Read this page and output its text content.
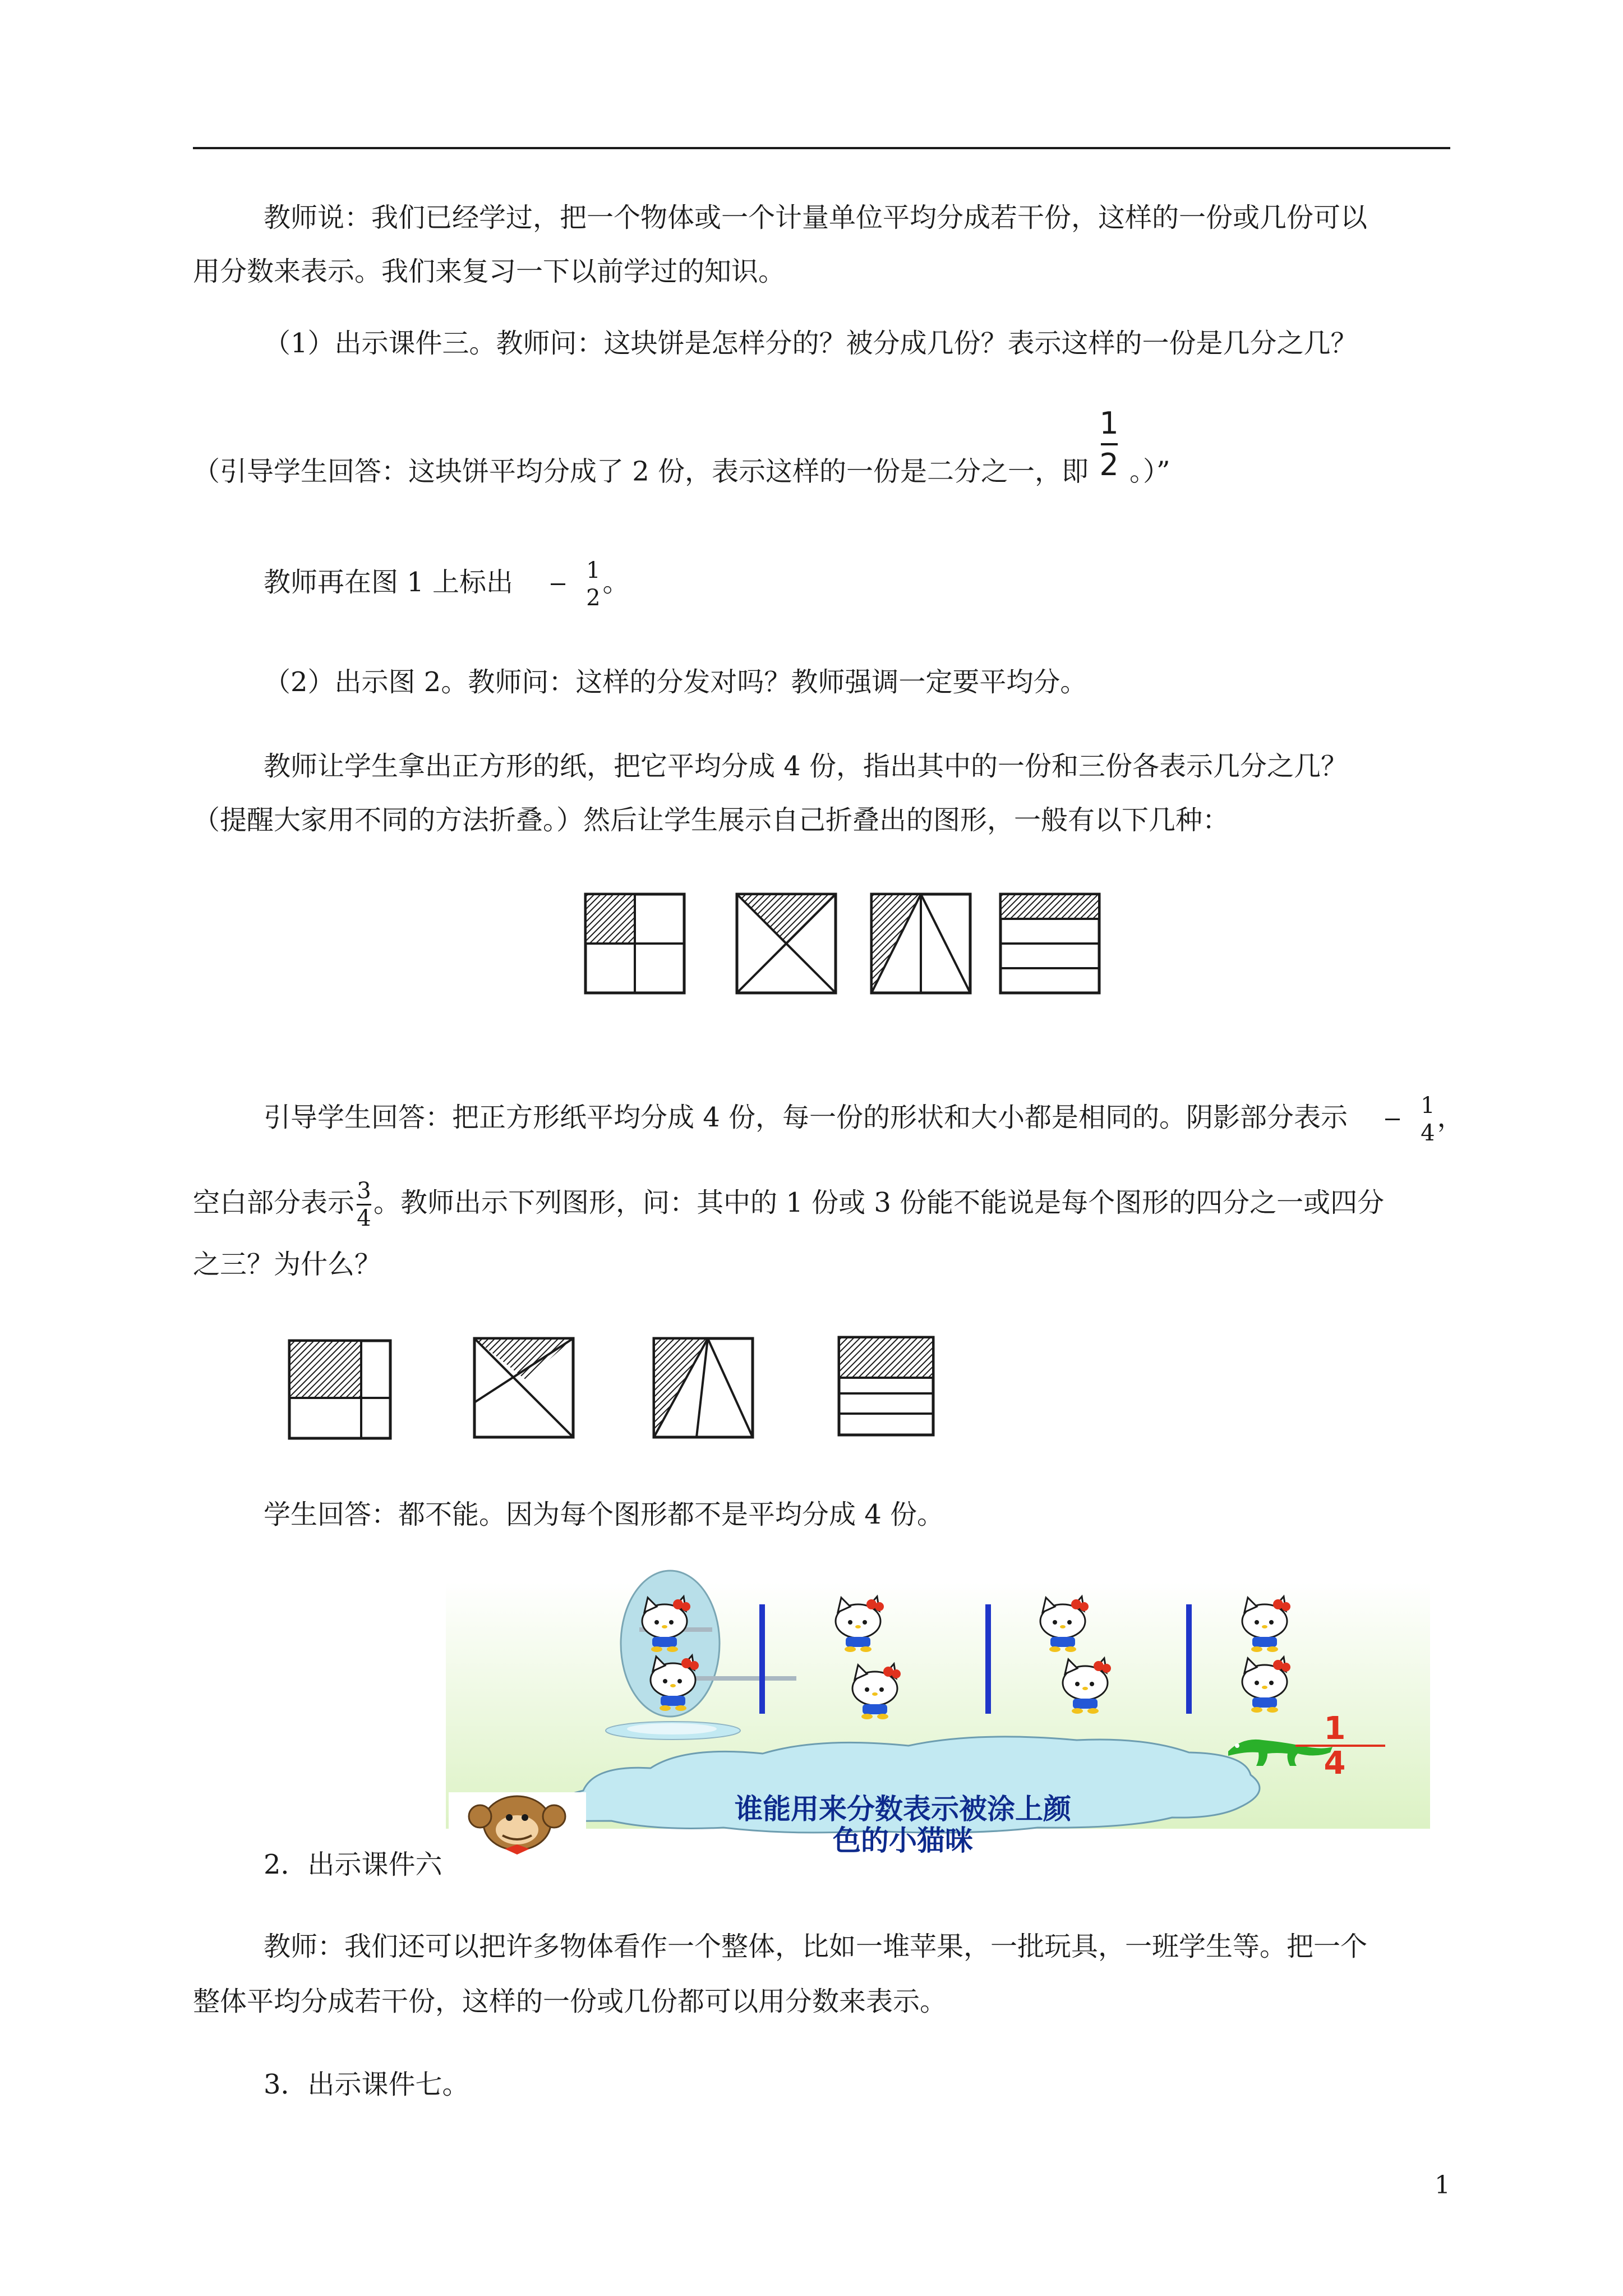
教师说：我们已经学过，把一个物体或一个计量单位平均分成若干份，这样的一份或几份可以

用分数来表示。我们来复习一下以前学过的知识。

（1）出示课件三。教师问：这块饼是怎样分的？被分成几份？表示这样的一份是几分之几？

（引导学生回答：这块饼平均分成了 2 份，表示这样的一份是二分之一，即 $\frac{1}{2}$ 。）”

教师再在图 1 上标出 $\frac{1}{2}$ 。

（2）出示图 2。教师问：这样的分发对吗？教师强调一定要平均分。

教师让学生拿出正方形的纸，把它平均分成 4 份，指出其中的一份和三份各表示几分之几？

（提醒大家用不同的方法折叠。）然后让学生展示自己折叠出的图形，一般有以下几种：

引导学生回答：把正方形纸平均分成 4 份，每一份的形状和大小都是相同的。阴影部分表示 $\frac{1}{4}$ ，

空白部分表示 $\frac{3}{4}$ 。教师出示下列图形，问：其中的 1 份或 3 份能不能说是每个图形的四分之一或四分

之三？为什么？

学生回答：都不能。因为每个图形都不是平均分成 4 份。

1
4
谁能用来分数表示被涂上颜
色的小猫咪

2．出示课件六

教师：我们还可以把许多物体看作一个整体，比如一堆苹果，一批玩具，一班学生等。把一个

整体平均分成若干份，这样的一份或几份都可以用分数来表示。

3．出示课件七。

1
